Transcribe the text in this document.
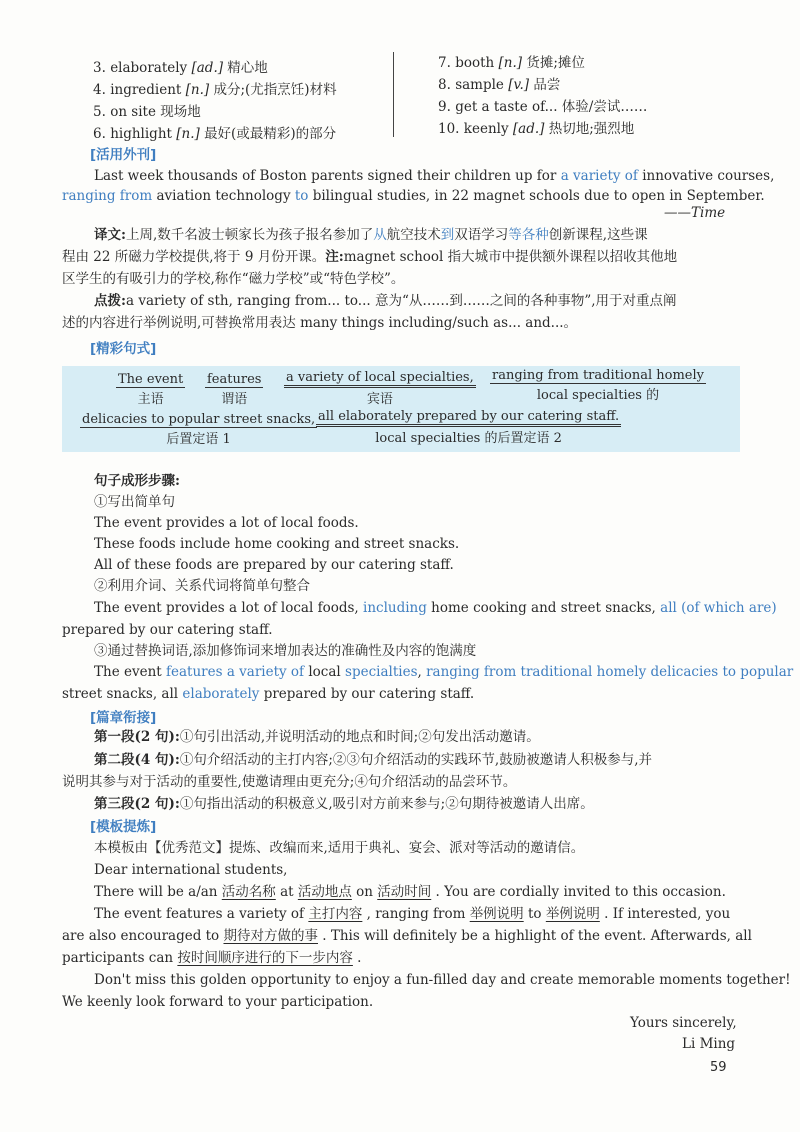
3. elaborately [ad.] 精心地
4. ingredient [n.] 成分;(尤指烹饪)材料
5. on site 现场地
6. highlight [n.] 最好(或最精彩)的部分
7. booth [n.] 货摊;摊位
8. sample [v.] 品尝
9. get a taste of... 体验/尝试……
10. keenly [ad.] 热切地;强烈地
[活用外刊]
Last week thousands of Boston parents signed their children up for a variety of innovative courses,
ranging from aviation technology to bilingual studies, in 22 magnet schools due to open in September.
——Time
译文:上周,数千名波士顿家长为孩子报名参加了从航空技术到双语学习等各种创新课程,这些课
程由 22 所磁力学校提供,将于 9 月份开课。注:magnet school 指大城市中提供额外课程以招收其他地
区学生的有吸引力的学校,称作“磁力学校”或“特色学校”。
点拨:a variety of sth, ranging from... to... 意为“从……到……之间的各种事物”,用于对重点阐
述的内容进行举例说明,可替换常用表达 many things including/such as... and...。
[精彩句式]
The event
主语
features
谓语
a variety of local specialties,
宾语
ranging from traditional homely
local specialties 的
delicacies to popular street snacks,
后置定语 1
all elaborately prepared by our catering staff.
local specialties 的后置定语 2
句子成形步骤:
①写出简单句
The event provides a lot of local foods.
These foods include home cooking and street snacks.
All of these foods are prepared by our catering staff.
②利用介词、关系代词将简单句整合
The event provides a lot of local foods, including home cooking and street snacks, all (of which are)
prepared by our catering staff.
③通过替换词语,添加修饰词来增加表达的准确性及内容的饱满度
The event features a variety of local specialties, ranging from traditional homely delicacies to popular
street snacks, all elaborately prepared by our catering staff.
[篇章衔接]
第一段(2 句):①句引出活动,并说明活动的地点和时间;②句发出活动邀请。
第二段(4 句):①句介绍活动的主打内容;②③句介绍活动的实践环节,鼓励被邀请人积极参与,并
说明其参与对于活动的重要性,使邀请理由更充分;④句介绍活动的品尝环节。
第三段(2 句):①句指出活动的积极意义,吸引对方前来参与;②句期待被邀请人出席。
[模板提炼]
本模板由【优秀范文】提炼、改编而来,适用于典礼、宴会、派对等活动的邀请信。
Dear international students,
There will be a/an 活动名称 at 活动地点 on 活动时间 . You are cordially invited to this occasion.
The event features a variety of 主打内容 , ranging from 举例说明 to 举例说明 . If interested, you
are also encouraged to 期待对方做的事 . This will definitely be a highlight of the event. Afterwards, all
participants can 按时间顺序进行的下一步内容 .
Don't miss this golden opportunity to enjoy a fun-filled day and create memorable moments together!
We keenly look forward to your participation.
Yours sincerely,
Li Ming
59
